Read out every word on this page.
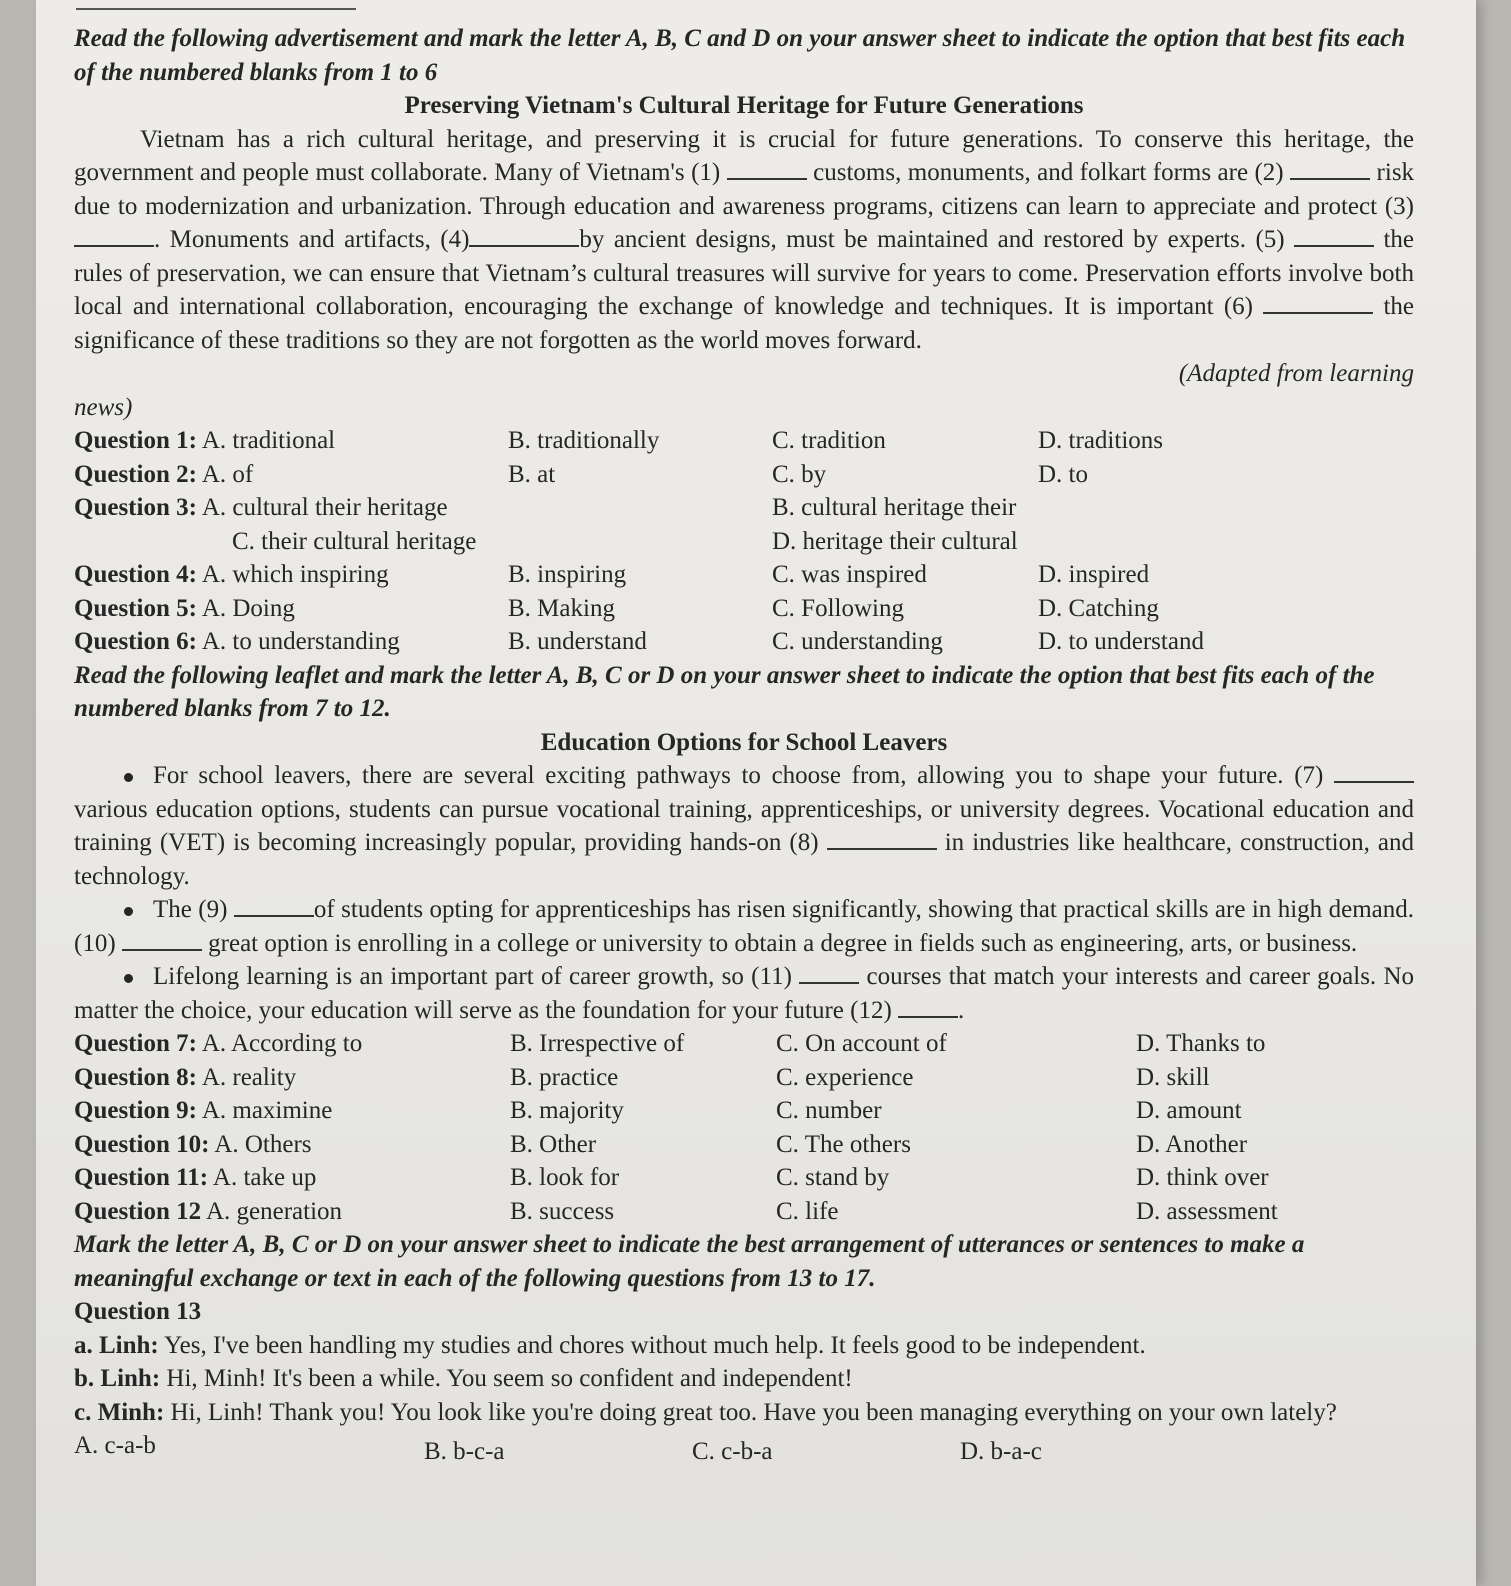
Read the following advertisement and mark the letter A, B, C and D on your answer sheet to indicate the option that best fits each of the numbered blanks from 1 to 6
Preserving Vietnam's Cultural Heritage for Future Generations
Vietnam has a rich cultural heritage, and preserving it is crucial for future generations. To conserve this heritage, the government and people must collaborate. Many of Vietnam's (1)	customs, monuments, and folkart forms are (2)	risk due to modernization and urbanization. Through education and awareness programs, citizens can learn to appreciate and protect (3) . Monuments and artifacts, (4)	by ancient designs, must be maintained and restored by experts. (5)	the rules of preservation, we can ensure that Vietnam’s cultural treasures will survive for years to come. Preservation efforts involve both local and international collaboration, encouraging the exchange of knowledge and techniques. It is important (6)	the significance of these traditions so they are not forgotten as the world moves forward.
(Adapted from learning
news)
Question 1: A. traditional	B. traditionally	C. tradition	D. traditions
Question 2: A. of	B. at	C. by	D. to
Question 3: A. cultural their heritage	B. cultural heritage their
C. their cultural heritage	D. heritage their cultural
Question 4: A. which inspiring	B. inspiring	C. was inspired	D. inspired
Question 5: A. Doing	B. Making	C. Following	D. Catching
Question 6: A. to understanding	B. understand	C. understanding	D. to understand
Read the following leaflet and mark the letter A, B, C or D on your answer sheet to indicate the option that best fits each of the numbered blanks from 7 to 12.
Education Options for School Leavers
For school leavers, there are several exciting pathways to choose from, allowing you to shape your future. (7)  various education options, students can pursue vocational training, apprenticeships, or university degrees. Vocational education and training (VET) is becoming increasingly popular, providing hands-on (8)	in industries like healthcare, construction, and technology.
The (9)	of students opting for apprenticeships has risen significantly, showing that practical skills are in high demand. (10)	great option is enrolling in a college or university to obtain a degree in fields such as engineering, arts, or business.
Lifelong learning is an important part of career growth, so (11)	courses that match your interests and career goals. No matter the choice, your education will serve as the foundation for your future (12)	.
Question 7: A. According to	B. Irrespective of	C. On account of	D. Thanks to
Question 8: A. reality	B. practice	C. experience	D. skill
Question 9: A. maximine	B. majority	C. number	D. amount
Question 10: A. Others	B. Other	C. The others	D. Another
Question 11: A. take up	B. look for	C. stand by	D. think over
Question 12 A. generation	B. success	C. life	D. assessment
Mark the letter A, B, C or D on your answer sheet to indicate the best arrangement of utterances or sentences to make a meaningful exchange or text in each of the following questions from 13 to 17.
Question 13
a. Linh: Yes, I've been handling my studies and chores without much help. It feels good to be independent.
b. Linh: Hi, Minh! It's been a while. You seem so confident and independent!
c. Minh: Hi, Linh! Thank you! You look like you're doing great too. Have you been managing everything on your own lately?
A. c-a-b	B. b-c-a	C. c-b-a	D. b-a-c
